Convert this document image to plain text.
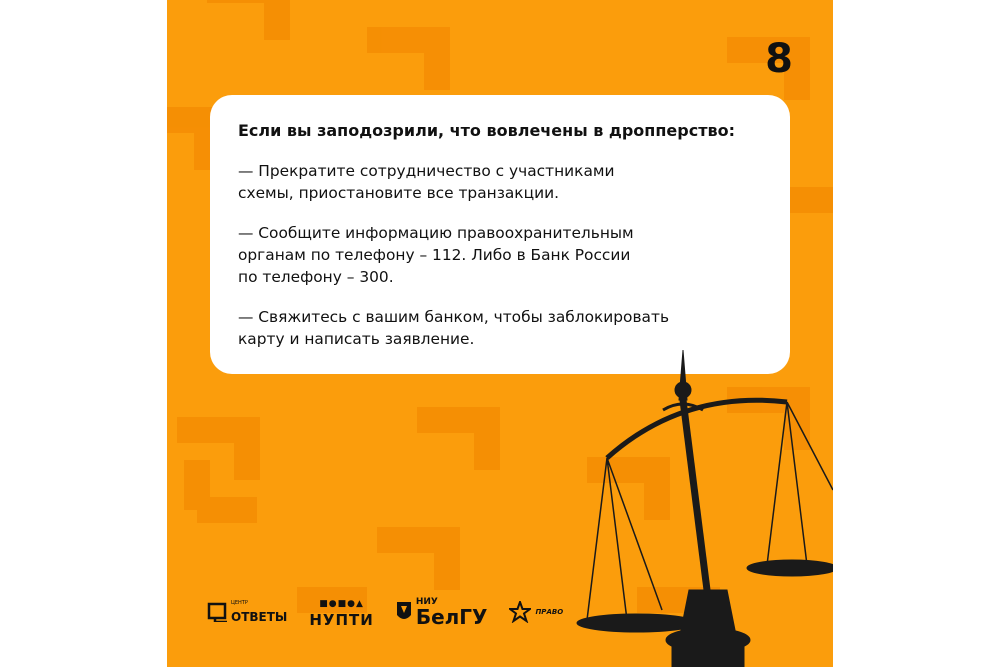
8
Если вы заподозрили, что вовлечены в дропперство:
— Прекратите сотрудничество с участниками
схемы, приостановите все транзакции.
— Сообщите информацию правоохранительным
органам по телефону – 112. Либо в Банк России
по телефону – 300.
— Свяжитесь с вашим банком, чтобы заблокировать
карту и написать заявление.
ЦЕНТР
ОТВЕТЫ
■●■●▲
НУПТИ
НИУ
БелГУ	ПРАВО
